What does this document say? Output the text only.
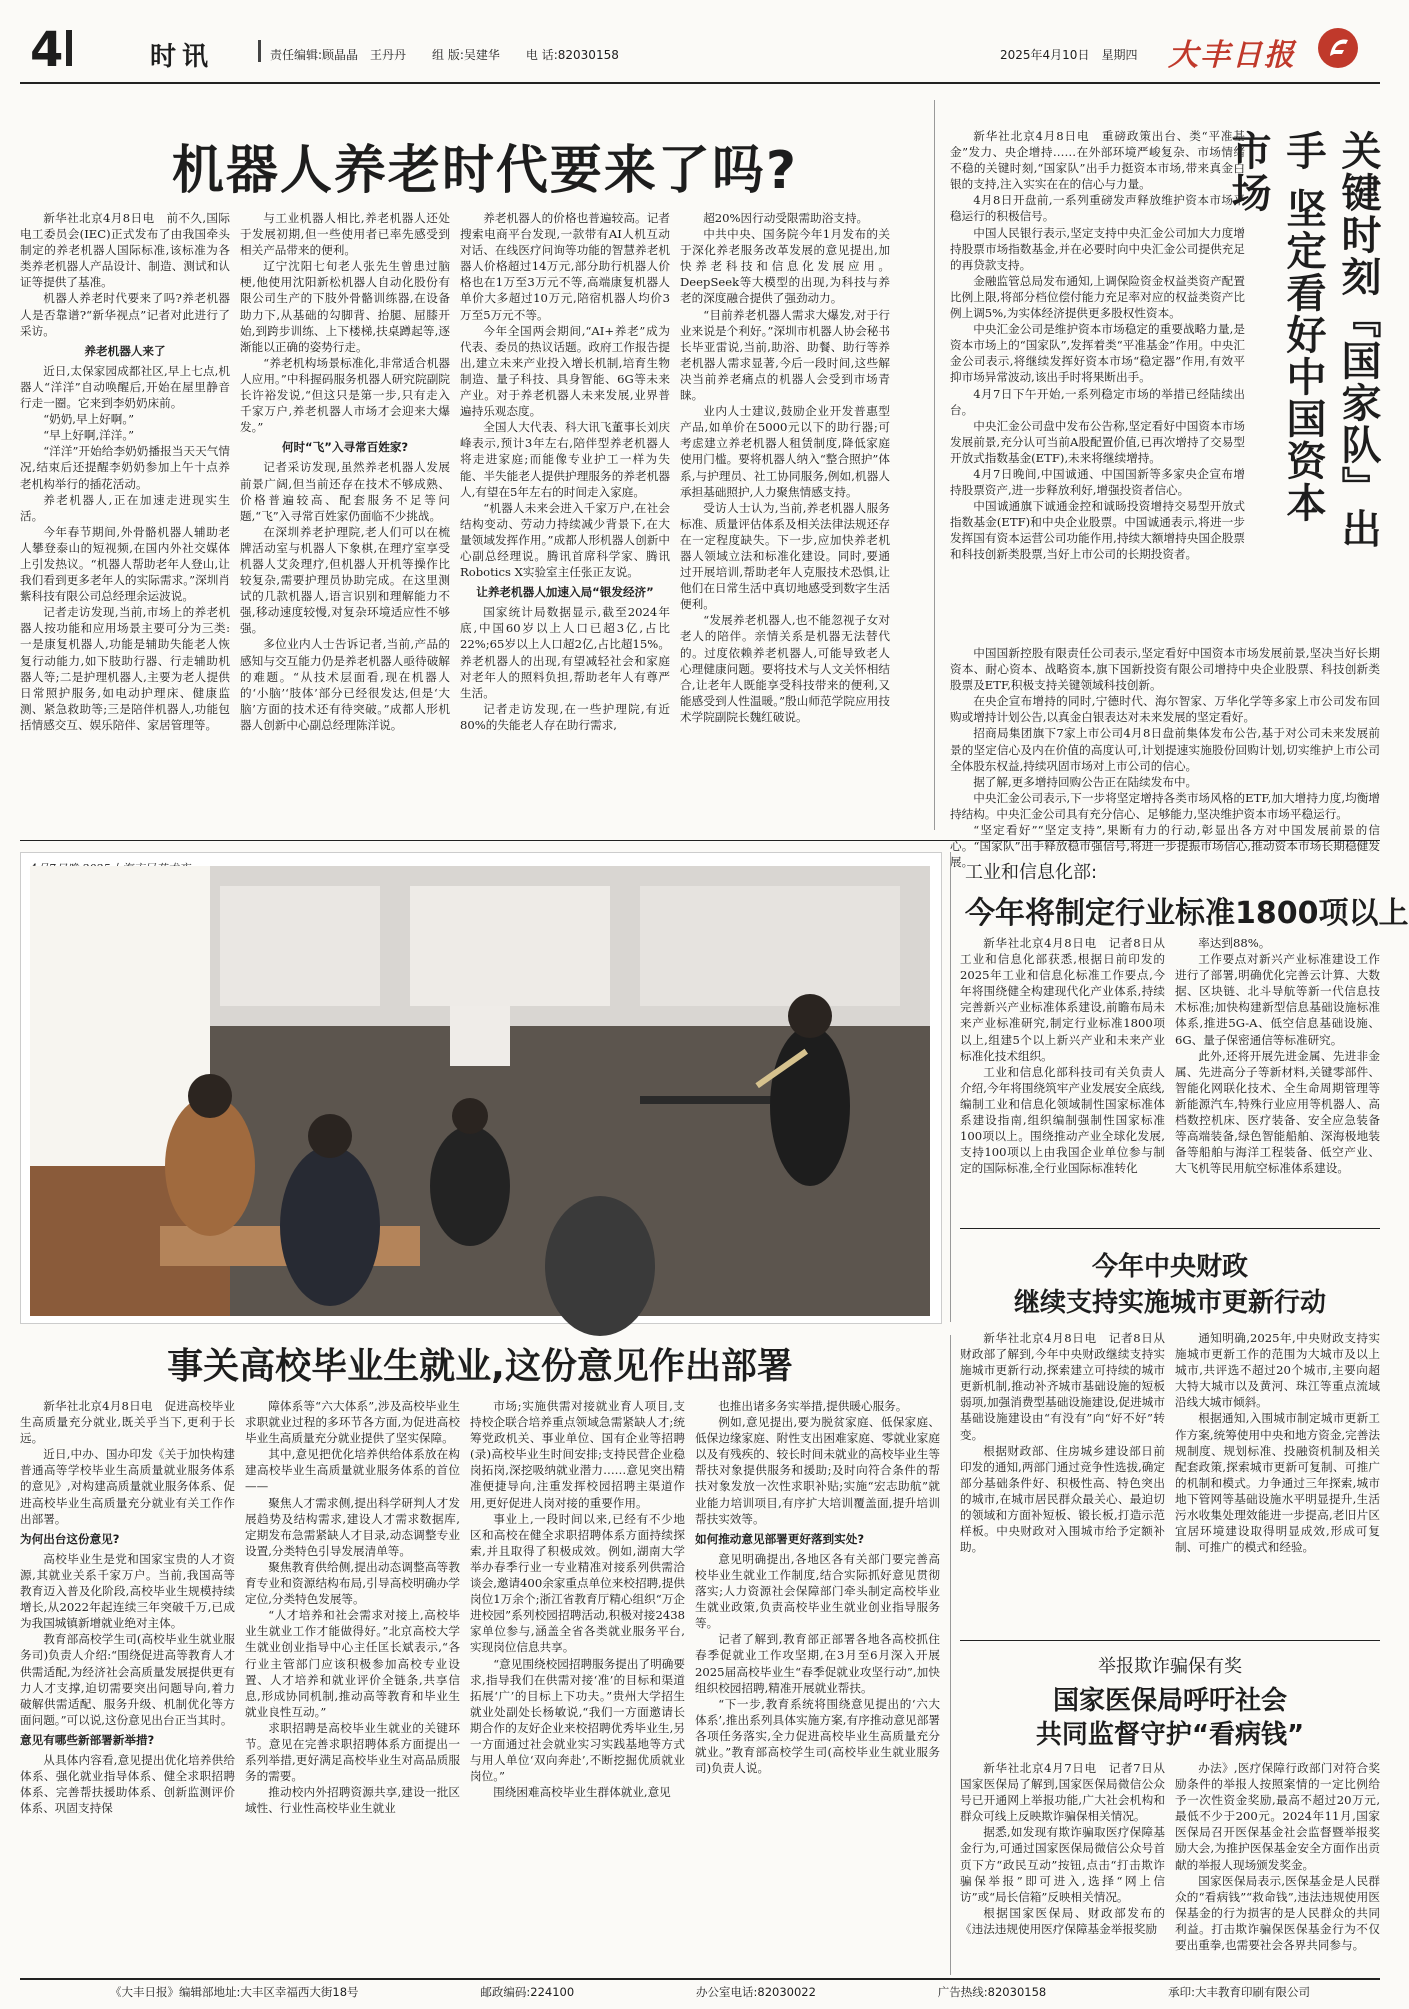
4	时讯	责任编辑:顾晶晶　王丹丹 组 版:吴建华 电 话:82030158	2025年4月10日　星期四 大丰日报
机器人养老时代要来了吗?

新华社北京4月8日电　前不久,国际电工委员会(IEC)正式发布了由我国牵头制定的养老机器人国际标准,该标准为各类养老机器人产品设计、制造、测试和认证等提供了基准。

机器人养老时代要来了吗?养老机器人是否靠谱?“新华视点”记者对此进行了采访。

养老机器人来了

近日,太保家园成都社区,早上七点,机器人“洋洋”自动唤醒后,开始在屋里静音行走一圈。它来到李奶奶床前。

“奶奶,早上好啊。”

“早上好啊,洋洋。”

“洋洋”开始给李奶奶播报当天天气情况,结束后还提醒李奶奶参加上午十点养老机构举行的插花活动。

养老机器人,正在加速走进现实生活。

今年春节期间,外骨骼机器人辅助老人攀登泰山的短视频,在国内外社交媒体上引发热议。“机器人帮助老年人登山,让我们看到更多老年人的实际需求。”深圳肖紫科技有限公司总经理余运波说。

记者走访发现,当前,市场上的养老机器人按功能和应用场景主要可分为三类:一是康复机器人,功能是辅助失能老人恢复行动能力,如下肢助行器、行走辅助机器人等;二是护理机器人,主要为老人提供日常照护服务,如电动护理床、健康监测、紧急救助等;三是陪伴机器人,功能包括情感交互、娱乐陪伴、家居管理等。

与工业机器人相比,养老机器人还处于发展初期,但一些使用者已率先感受到相关产品带来的便利。

辽宁沈阳七旬老人张先生曾患过脑梗,他使用沈阳新松机器人自动化股份有限公司生产的下肢外骨骼训练器,在设备助力下,从基础的勾脚背、抬腿、屈膝开始,到跨步训练、上下楼梯,扶桌蹲起等,逐渐能以正确的姿势行走。

“养老机构场景标准化,非常适合机器人应用。”中科握码服务机器人研究院副院长许裕发说,“但这只是第一步,只有走入千家万户,养老机器人市场才会迎来大爆发。”

何时“飞”入寻常百姓家?

记者采访发现,虽然养老机器人发展前景广阔,但当前还存在技术不够成熟、价格普遍较高、配套服务不足等问题,“飞”入寻常百姓家仍面临不少挑战。

在深圳养老护理院,老人们可以在梳牌活动室与机器人下象棋,在理疗室享受机器人艾灸理疗,但机器人开机等操作比较复杂,需要护理员协助完成。在这里测试的几款机器人,语言识别和理解能力不强,移动速度较慢,对复杂环境适应性不够强。

多位业内人士告诉记者,当前,产品的感知与交互能力仍是养老机器人亟待破解的难题。“从技术层面看,现在机器人的‘小脑’‘肢体’部分已经很发达,但是‘大脑’方面的技术还有待突破。”成都人形机器人创新中心副总经理陈洋说。

养老机器人的价格也普遍较高。记者搜索电商平台发现,一款带有AI人机互动对话、在线医疗问询等功能的智慧养老机器人价格超过14万元,部分助行机器人价格也在1万至3万元不等,高端康复机器人单价大多超过10万元,陪宿机器人均价3万至5万元不等。

今年全国两会期间,“AI+养老”成为代表、委员的热议话题。政府工作报告提出,建立未来产业投入增长机制,培育生物制造、量子科技、具身智能、6G等未来产业。对于养老机器人未来发展,业界普遍持乐观态度。

全国人大代表、科大讯飞董事长刘庆峰表示,预计3年左右,陪伴型养老机器人将走进家庭;而能像专业护工一样为失能、半失能老人提供护理服务的养老机器人,有望在5年左右的时间走入家庭。

“机器人未来会进入千家万户,在社会结构变动、劳动力持续减少背景下,在大量领域发挥作用。”成都人形机器人创新中心副总经理说。腾讯首席科学家、腾讯Robotics X实验室主任张正友说。

让养老机器人加速入局“银发经济”

国家统计局数据显示,截至2024年底,中国60岁以上人口已超3亿,占比22%;65岁以上人口超2亿,占比超15%。养老机器人的出现,有望减轻社会和家庭对老年人的照料负担,帮助老年人有尊严生活。

记者走访发现,在一些护理院,有近80%的失能老人存在助行需求,

超20%因行动受限需助浴支持。

中共中央、国务院今年1月发布的关于深化养老服务改革发展的意见提出,加快养老科技和信息化发展应用。DeepSeek等大模型的出现,为科技与养老的深度融合提供了强劲动力。

“目前养老机器人需求大爆发,对于行业来说是个利好。”深圳市机器人协会秘书长毕亚雷说,当前,助浴、助餐、助行等养老机器人需求显著,今后一段时间,这些解决当前养老痛点的机器人会受到市场青睐。

业内人士建议,鼓励企业开发普惠型产品,如单价在5000元以下的助行器;可考虑建立养老机器人租赁制度,降低家庭使用门槛。要将机器人纳入“整合照护”体系,与护理员、社工协同服务,例如,机器人承担基础照护,人力聚焦情感支持。

受访人士认为,当前,养老机器人服务标准、质量评估体系及相关法律法规还存在一定程度缺失。下一步,应加快养老机器人领域立法和标准化建设。同时,要通过开展培训,帮助老年人克服技术恐惧,让他们在日常生活中真切地感受到数字生活便利。

“发展养老机器人,也不能忽视子女对老人的陪伴。亲情关系是机器无法替代的。过度依赖养老机器人,可能导致老人心理健康问题。要将技术与人文关怀相结合,让老年人既能享受科技带来的便利,又能感受到人性温暖。”殷山师范学院应用技术学院副院长魏红破说。

新华社北京4月8日电　重磅政策出台、类“平准基金”发力、央企增持……在外部环境严峻复杂、市场情绪不稳的关键时刻,“国家队”出手力挺资本市场,带来真金白银的支持,注入实实在在的信心与力量。

4月8日开盘前,一系列重磅发声释放维护资本市场平稳运行的积极信号。

中国人民银行表示,坚定支持中央汇金公司加大力度增持股票市场指数基金,并在必要时向中央汇金公司提供充足的再贷款支持。

金融监管总局发布通知,上调保险资金权益类资产配置比例上限,将部分档位偿付能力充足率对应的权益类资产比例上调5%,为实体经济提供更多股权性资本。

中央汇金公司是维护资本市场稳定的重要战略力量,是资本市场上的“国家队”,发挥着类“平准基金”作用。中央汇金公司表示,将继续发挥好资本市场“稳定器”作用,有效平抑市场异常波动,该出手时将果断出手。

4月7日下午开始,一系列稳定市场的举措已经陆续出台。

中央汇金公司盘中发布公告称,坚定看好中国资本市场发展前景,充分认可当前A股配置价值,已再次增持了交易型开放式指数基金(ETF),未来将继续增持。

4月7日晚间,中国诚通、中国国新等多家央企宣布增持股票资产,进一步释放利好,增强投资者信心。

中国诚通旗下诚通金控和诚旸投资增持交易型开放式指数基金(ETF)和中央企业股票。中国诚通表示,将进一步发挥国有资本运营公司功能作用,持续大额增持央国企股票和科技创新类股票,当好上市公司的长期投资者。

关键时刻『国家队』出手 坚定看好中国资本市场

中国国新控股有限责任公司表示,坚定看好中国资本市场发展前景,坚决当好长期资本、耐心资本、战略资本,旗下国新投资有限公司增持中央企业股票、科技创新类股票及ETF,积极支持关键领域科技创新。

在央企宣布增持的同时,宁德时代、海尔智家、万华化学等多家上市公司发布回购或增持计划公告,以真金白银表达对未来发展的坚定看好。

招商局集团旗下7家上市公司4月8日盘前集体发布公告,基于对公司未来发展前景的坚定信心及内在价值的高度认可,计划提速实施股份回购计划,切实维护上市公司全体股东权益,持续巩固市场对上市公司的信心。

据了解,更多增持回购公告正在陆续发布中。

中央汇金公司表示,下一步将坚定增持各类市场风格的ETF,加大增持力度,均衡增持结构。中央汇金公司具有充分信心、足够能力,坚决维护资本市场平稳运行。

“坚定看好”“坚定支持”,果断有力的行动,彰显出各方对中国发展前景的信心。“国家队”出手释放稳市强信号,将进一步提振市场信心,推动资本市场长期稳健发展。

工业和信息化部:
今年将制定行业标准1800项以上

新华社北京4月8日电　记者8日从工业和信息化部获悉,根据日前印发的2025年工业和信息化标准工作要点,今年将围绕健全构建现代化产业体系,持续完善新兴产业标准体系建设,前瞻布局未来产业标准研究,制定行业标准1800项以上,组建5个以上新兴产业和未来产业标准化技术组织。

工业和信息化部科技司有关负责人介绍,今年将围绕筑牢产业发展安全底线,编制工业和信息化领域制性国家标准体系建设指南,组织编制强制性国家标准100项以上。围绕推动产业全球化发展,支持100项以上由我国企业单位参与制定的国际标准,全行业国际标准转化

率达到88%。

工作要点对新兴产业标准建设工作进行了部署,明确优化完善云计算、大数据、区块链、北斗导航等新一代信息技术标准;加快构建新型信息基础设施标准体系,推进5G-A、低空信息基础设施、6G、量子保密通信等标准研究。

此外,还将开展先进金属、先进非金属、先进高分子等新材料,关键零部件、智能化网联化技术、全生命周期管理等新能源汽车,特殊行业应用等机器人、高档数控机床、医疗装备、安全应急装备等高端装备,绿色智能船舶、深海极地装备等船舶与海洋工程装备、低空产业、大飞机等民用航空标准体系建设。

今年中央财政
继续支持实施城市更新行动

新华社北京4月8日电　记者8日从财政部了解到,今年中央财政继续支持实施城市更新行动,探索建立可持续的城市更新机制,推动补齐城市基础设施的短板弱项,加强消费型基础设施建设,促进城市基础设施建设由“有没有”向“好不好”转变。

根据财政部、住房城乡建设部日前印发的通知,两部门通过竞争性选拔,确定部分基础条件好、积极性高、特色突出的城市,在城市居民群众最关心、最迫切的领域和方面补短板、锻长板,打造示范样板。中央财政对入围城市给予定额补助。

通知明确,2025年,中央财政支持实施城市更新工作的范围为大城市及以上城市,共评选不超过20个城市,主要向超大特大城市以及黄河、珠江等重点流域沿线大城市倾斜。

根据通知,入围城市制定城市更新工作方案,统筹使用中央和地方资金,完善法规制度、规划标准、投融资机制及相关配套政策,探索城市更新可复制、可推广的机制和模式。力争通过三年探索,城市地下管网等基础设施水平明显提升,生活污水收集处理效能进一步提高,老旧片区宜居环境建设取得明显成效,形成可复制、可推广的模式和经验。

举报欺诈骗保有奖
国家医保局呼吁社会
共同监督守护“看病钱”

新华社北京4月7日电　记者7日从国家医保局了解到,国家医保局微信公众号已开通网上举报功能,广大社会机构和群众可线上反映欺诈骗保相关情况。

据悉,如发现有欺诈骗取医疗保障基金行为,可通过国家医保局微信公众号首页下方“政民互动”按钮,点击“打击欺诈骗保举报”即可进入,选择“网上信访”或“局长信箱”反映相关情况。

根据国家医保局、财政部发布的《违法违规使用医疗保障基金举报奖励

办法》,医疗保障行政部门对符合奖励条件的举报人按照案情的一定比例给予一次性资金奖励,最高不超过20万元,最低不少于200元。2024年11月,国家医保局召开医保基金社会监督暨举报奖励大会,为推护医保基金安全方面作出贡献的举报人现场颁发奖金。

国家医保局表示,医保基金是人民群众的“看病钱”“救命钱”,违法违规使用医保基金的行为损害的是人民群众的共同利益。打击欺诈骗保医保基金行为不仅要出重拳,也需要社会各界共同参与。

事关高校毕业生就业,这份意见作出部署

新华社北京4月8日电　促进高校毕业生高质量充分就业,既关乎当下,更利于长远。

近日,中办、国办印发《关于加快构建普通高等学校毕业生高质量就业服务体系的意见》,对构建高质量就业服务体系、促进高校毕业生高质量充分就业有关工作作出部署。

为何出台这份意见?

高校毕业生是党和国家宝贵的人才资源,其就业关系千家万户。当前,我国高等教育迈入普及化阶段,高校毕业生规模持续增长,从2022年起连续三年突破千万,已成为我国城镇新增就业绝对主体。

教育部高校学生司(高校毕业生就业服务司)负责人介绍:“围绕促进高等教育人才供需适配,为经济社会高质量发展提供更有力人才支撑,迫切需要突出问题导向,着力破解供需适配、服务升级、机制优化等方面问题。”可以说,这份意见出台正当其时。

意见有哪些新部署新举措?

从具体内容看,意见提出优化培养供给体系、强化就业指导体系、健全求职招聘体系、完善帮扶援助体系、创新监测评价体系、巩固支持保

障体系等“六大体系”,涉及高校毕业生求职就业过程的多环节各方面,为促进高校毕业生高质量充分就业提供了坚实保障。

其中,意见把优化培养供给体系放在构建高校毕业生高质量就业服务体系的首位——

聚焦人才需求侧,提出科学研判人才发展趋势及结构需求,建设人才需求数据库,定期发布急需紧缺人才目录,动态调整专业设置,分类特色引导发展清单等。

聚焦教育供给侧,提出动态调整高等教育专业和资源结构布局,引导高校明确办学定位,分类特色发展等。

“人才培养和社会需求对接上,高校毕业生就业工作才能做得好。”北京高校大学生就业创业指导中心主任匡长斌表示,“各行业主管部门应该积极参加高校专业设置、人才培养和就业评价全链条,共享信息,形成协同机制,推动高等教育和毕业生就业良性互动。”

求职招聘是高校毕业生就业的关键环节。意见在完善求职招聘体系方面提出一系列举措,更好满足高校毕业生对高品质服务的需要。

推动校内外招聘资源共享,建设一批区域性、行业性高校毕业生就业

市场;实施供需对接就业育人项目,支持校企联合培养重点领域急需紧缺人才;统筹党政机关、事业单位、国有企业等招聘(录)高校毕业生时间安排;支持民营企业稳岗拓岗,深挖吸纳就业潜力……意见突出精准便捷导向,注重发挥校园招聘主渠道作用,更好促进人岗对接的重要作用。

事业上,一段时间以来,已经有不少地区和高校在健全求职招聘体系方面持续探索,并且取得了积极成效。例如,湖南大学举办春季行业一专业精准对接系列供需洽谈会,邀请400余家重点单位来校招聘,提供岗位1万余个;浙江省教育厅精心组织“万企进校园”系列校园招聘活动,积极对接2438家单位参与,涵盖全省各类就业服务平台,实现岗位信息共享。

“意见围绕校园招聘服务提出了明确要求,指导我们在供需对接‘准’的目标和渠道拓展‘广’的目标上下功夫。”贵州大学招生就业处副处长杨敏说,“我们一方面邀请长期合作的友好企业来校招聘优秀毕业生,另一方面通过社会就业实习实践基地等方式与用人单位‘双向奔赴’,不断挖掘优质就业岗位。”

围绕困难高校毕业生群体就业,意见

也推出诸多务实举措,提供暖心服务。

例如,意见提出,要为脱贫家庭、低保家庭、低保边缘家庭、附性支出困难家庭、零就业家庭以及有残疾的、较长时间未就业的高校毕业生等帮扶对象提供服务和援助;及时向符合条件的帮扶对象发放一次性求职补贴;实施“宏志助航”就业能力培训项目,有序扩大培训覆盖面,提升培训帮扶实效等。

如何推动意见部署更好落到实处?

意见明确提出,各地区各有关部门要完善高校毕业生就业工作制度,结合实际抓好意见贯彻落实;人力资源社会保障部门牵头制定高校毕业生就业政策,负责高校毕业生就业创业指导服务等。

记者了解到,教育部正部署各地各高校抓住春季促就业工作攻坚期,在3月至6月深入开展2025届高校毕业生“春季促就业攻坚行动”,加快组织校园招聘,精准开展就业帮扶。

“下一步,教育系统将围绕意见提出的‘六大体系’,推出系列具体实施方案,有序推动意见部署各项任务落实,全力促进高校毕业生高质量充分就业。”教育部高校学生司(高校毕业生就业服务司)负责人说。

《大丰日报》编辑部地址:大丰区幸福西大街18号	邮政编码:224100	办公室电话:82030022	广告热线:82030158	承印:大丰教育印刷有限公司
